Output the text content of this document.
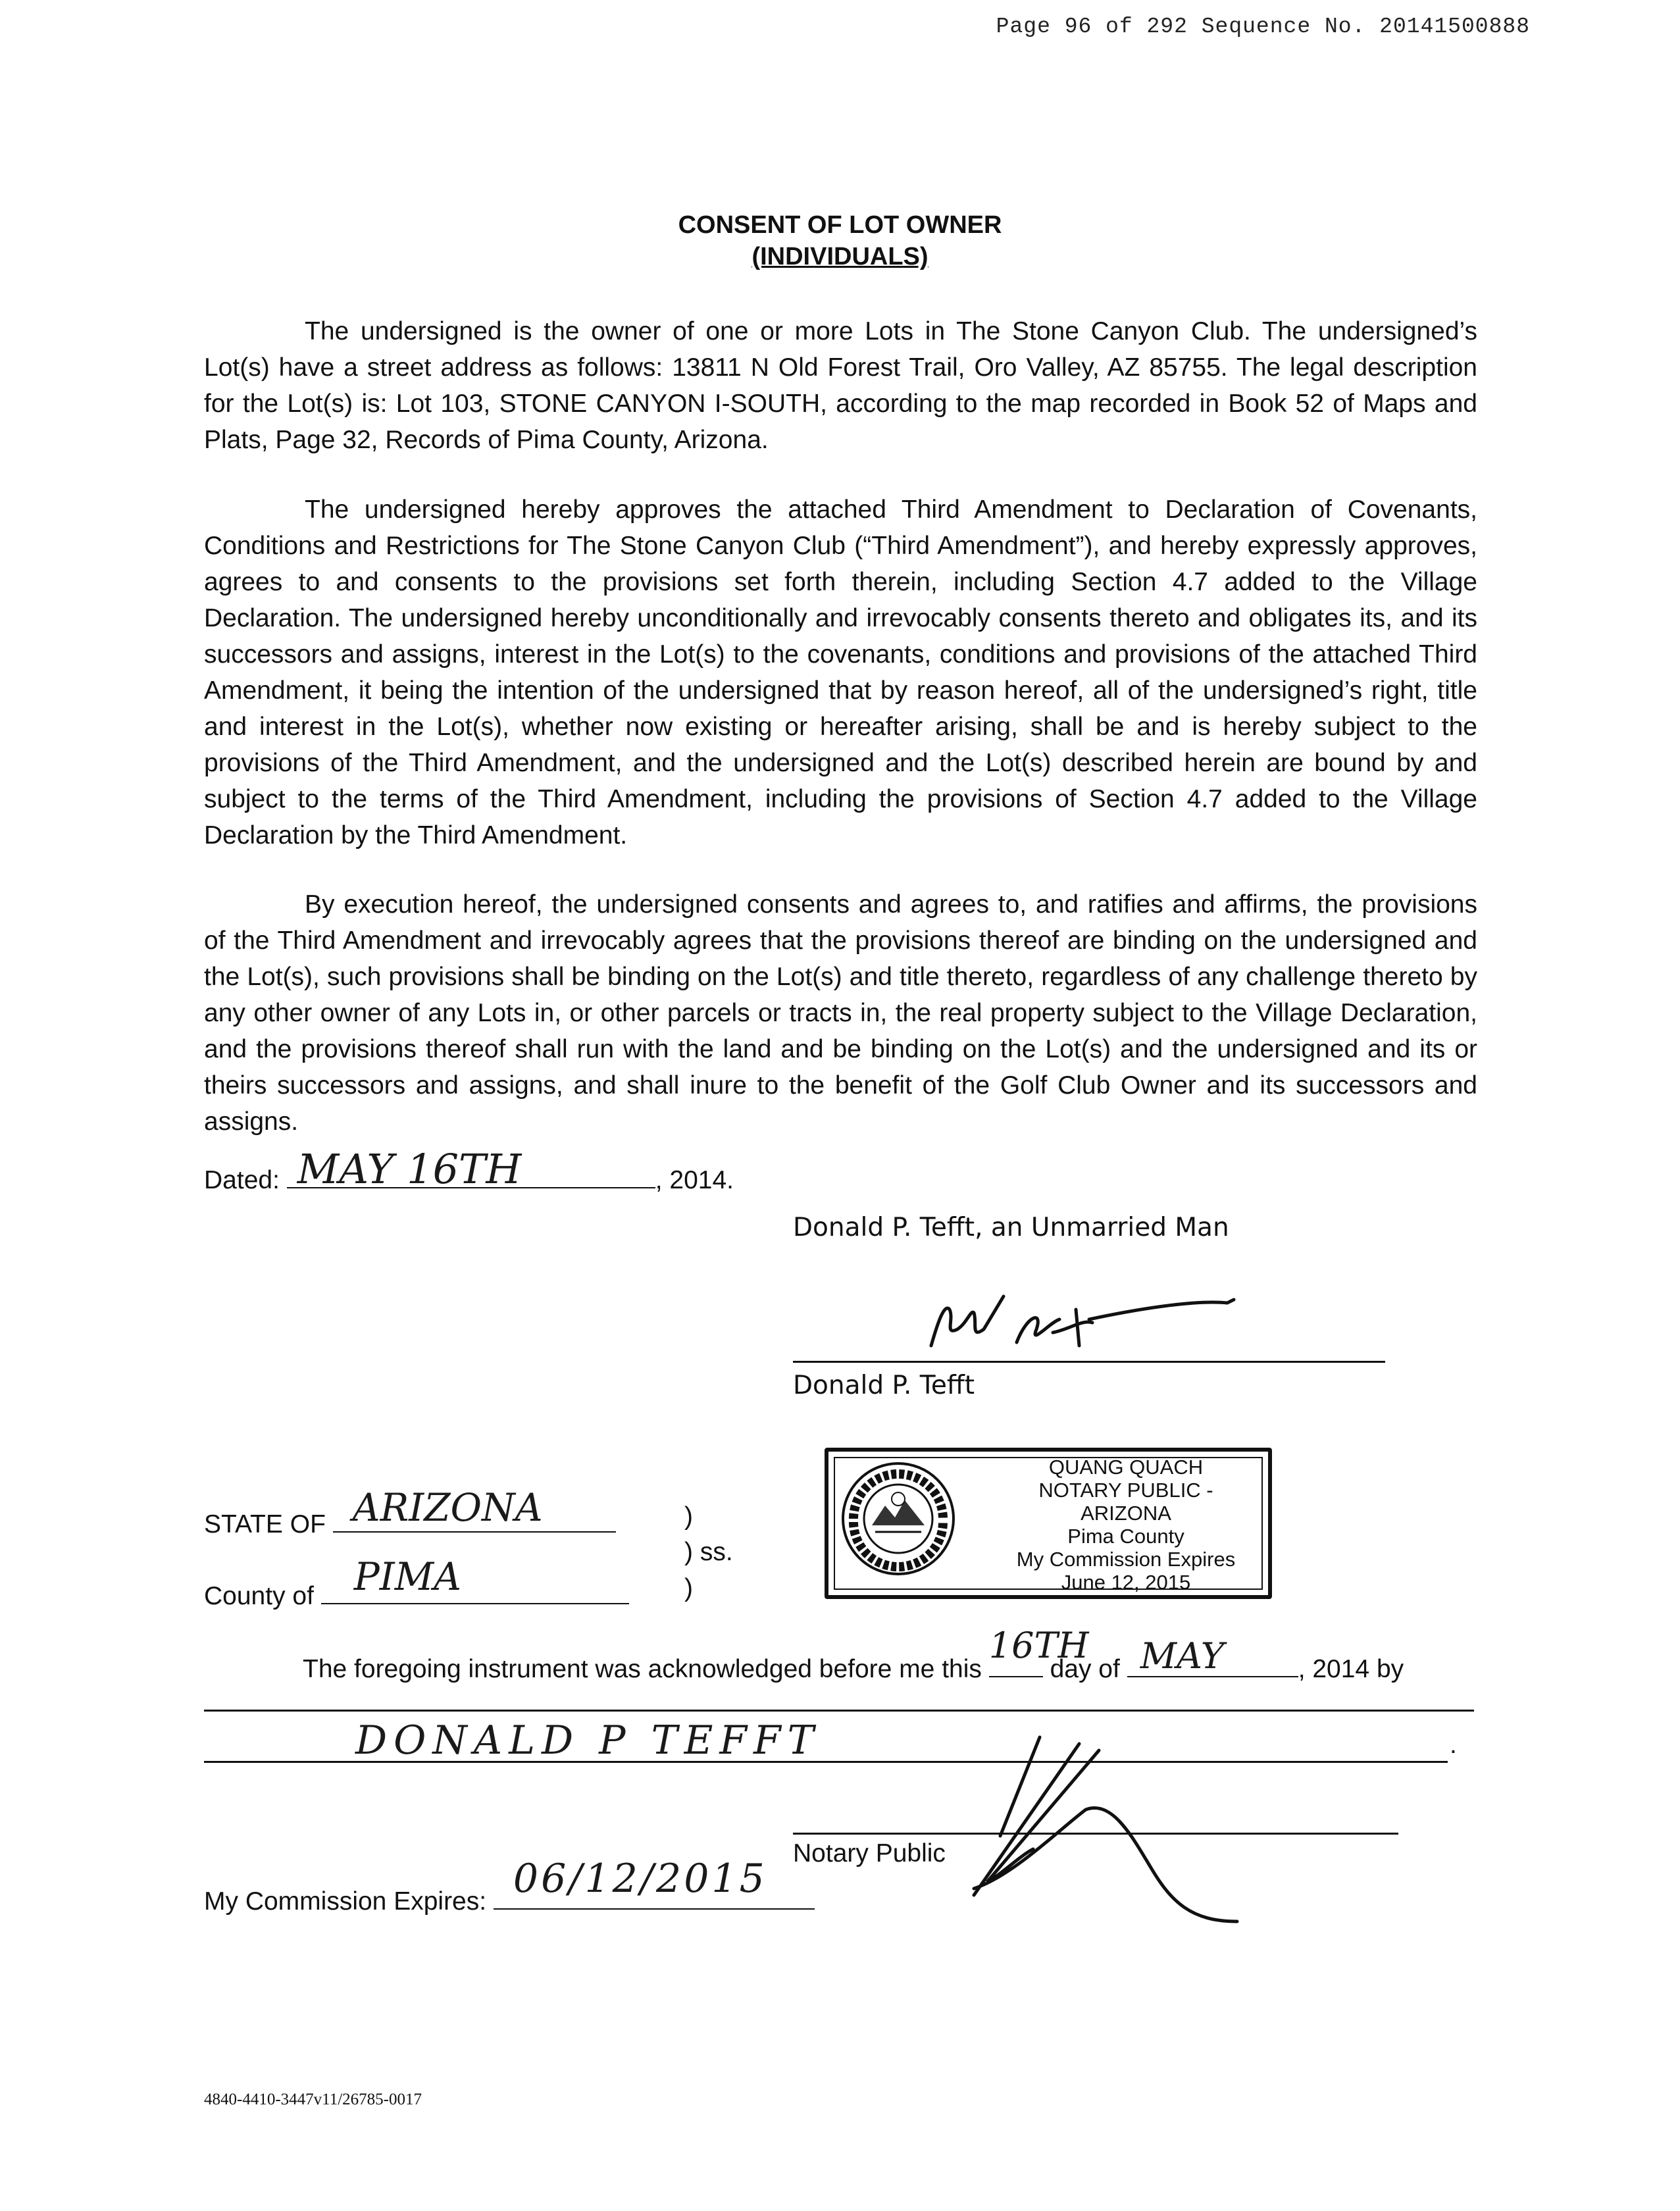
Page 96 of 292 Sequence No. 20141500888
CONSENT OF LOT OWNER
(INDIVIDUALS)
The undersigned is the owner of one or more Lots in The Stone Canyon Club. The undersigned’s Lot(s) have a street address as follows: 13811 N Old Forest Trail, Oro Valley, AZ 85755. The legal description for the Lot(s) is: Lot 103, STONE CANYON I-SOUTH, according to the map recorded in Book 52 of Maps and Plats, Page 32, Records of Pima County, Arizona.
The undersigned hereby approves the attached Third Amendment to Declaration of Covenants, Conditions and Restrictions for The Stone Canyon Club (“Third Amendment”), and hereby expressly approves, agrees to and consents to the provisions set forth therein, including Section 4.7 added to the Village Declaration. The undersigned hereby unconditionally and irrevocably consents thereto and obligates its, and its successors and assigns, interest in the Lot(s) to the covenants, conditions and provisions of the attached Third Amendment, it being the intention of the undersigned that by reason hereof, all of the undersigned’s right, title and interest in the Lot(s), whether now existing or hereafter arising, shall be and is hereby subject to the provisions of the Third Amendment, and the undersigned and the Lot(s) described herein are bound by and subject to the terms of the Third Amendment, including the provisions of Section 4.7 added to the Village Declaration by the Third Amendment.
By execution hereof, the undersigned consents and agrees to, and ratifies and affirms, the provisions of the Third Amendment and irrevocably agrees that the provisions thereof are binding on the undersigned and the Lot(s), such provisions shall be binding on the Lot(s) and title thereto, regardless of any challenge thereto by any other owner of any Lots in, or other parcels or tracts in, the real property subject to the Village Declaration, and the provisions thereof shall run with the land and be binding on the Lot(s) and the undersigned and its or theirs successors and assigns, and shall inure to the benefit of the Golf Club Owner and its successors and assigns.
Dated: MAY 16TH	, 2014.
Donald P. Tefft, an Unmarried Man
Donald P. Tefft
QUANG QUACH
NOTARY PUBLIC - ARIZONA
Pima County
My Commission Expires
June 12, 2015
STATE OF ARIZONA	)
) ss.
)
County of PIMA
The foregoing instrument was acknowledged before me this
16TH
day of MAY	, 2014 by
.
DONALD P TEFFT
Notary Public
My Commission Expires: 06/12/2015
4840-4410-3447v11/26785-0017
